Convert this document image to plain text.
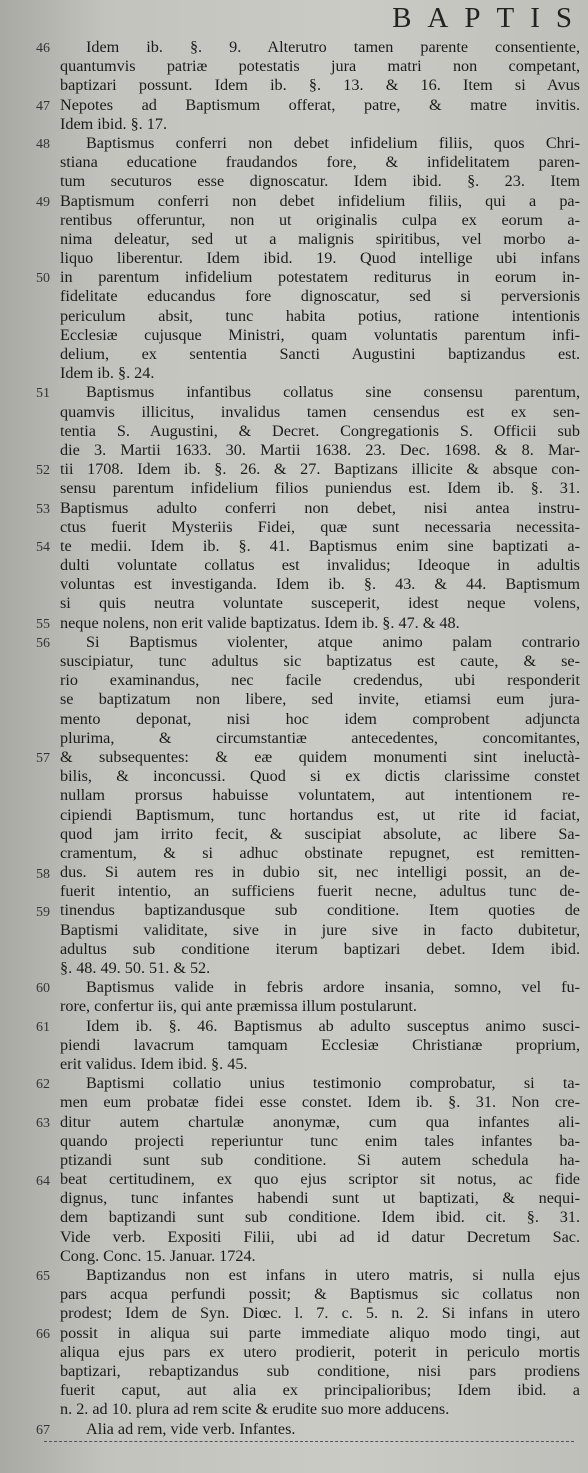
BAPTIS
46	Idem ib. §. 9. Alterutro tamen parente consentiente,
quantumvis patriæ potestatis jura matri non competant,
baptizari possunt. Idem ib. §. 13. & 16. Item si Avus
Nepotes ad Baptismum offerat, patre, & matre invitis.
Idem ibid. §. 17.
48	Baptismus conferri non debet infidelium filiis, quos Chri-
stiana educatione fraudandos fore, & infidelitatem paren-
tum secuturos esse dignoscatur. Idem ibid. §. 23. Item
Baptismum conferri non debet infidelium filiis, qui a pa-
rentibus offeruntur, non ut originalis culpa ex eorum a-
nima deleatur, sed ut a malignis spiritibus, vel morbo a-
liquo liberentur. Idem ibid. 19. Quod intellige ubi infans
in parentum infidelium potestatem rediturus in eorum in-
fidelitate educandus fore dignoscatur, sed si perversionis
periculum absit, tunc habita potius, ratione intentionis
Ecclesiæ cujusque Ministri, quam voluntatis parentum infi-
delium, ex sententia Sancti Augustini baptizandus est.
Idem ib. §. 24.
51	Baptismus infantibus collatus sine consensu parentum,
quamvis illicitus, invalidus tamen censendus est ex sen-
tentia S. Augustini, & Decret. Congregationis S. Officii sub
die 3. Martii 1633. 30. Martii 1638. 23. Dec. 1698. & 8. Mar-
tii 1708. Idem ib. §. 26. & 27. Baptizans illicite & absque con-
sensu parentum infidelium filios puniendus est. Idem ib. §. 31.
Baptismus adulto conferri non debet, nisi antea instru-
ctus fuerit Mysteriis Fidei, quæ sunt necessaria necessita-
te medii. Idem ib. §. 41. Baptismus enim sine baptizati a-
dulti voluntate collatus est invalidus; Ideoque in adultis
voluntas est investiganda. Idem ib. §. 43. & 44. Baptismum
si quis neutra voluntate susceperit, idest neque volens,
neque nolens, non erit valide baptizatus. Idem ib. §. 47. & 48.
56	Si Baptismus violenter, atque animo palam contrario
suscipiatur, tunc adultus sic baptizatus est caute, & se-
rio examinandus, nec facile credendus, ubi responderit
se baptizatum non libere, sed invite, etiamsi eum jura-
mento deponat, nisi hoc idem comprobent adjuncta
plurima, & circumstantiæ antecedentes, concomitantes,
& subsequentes: & eæ quidem monumenti sint ineluctà-
bilis, & inconcussi. Quod si ex dictis clarissime constet
nullam prorsus habuisse voluntatem, aut intentionem re-
cipiendi Baptismum, tunc hortandus est, ut rite id faciat,
quod jam irrito fecit, & suscipiat absolute, ac libere Sa-
cramentum, & si adhuc obstinate repugnet, est remitten-
dus. Si autem res in dubio sit, nec intelligi possit, an de-
fuerit intentio, an sufficiens fuerit necne, adultus tunc de-
tinendus baptizandusque sub conditione. Item quoties de
Baptismi validitate, sive in jure sive in facto dubitetur,
adultus sub conditione iterum baptizari debet. Idem ibid.
§. 48. 49. 50. 51. & 52.
60	Baptismus valide in febris ardore insania, somno, vel fu-
rore, confertur iis, qui ante præmissa illum postularunt.
61	Idem ib. §. 46. Baptismus ab adulto susceptus animo susci-
piendi lavacrum tamquam Ecclesiæ Christianæ proprium,
erit validus. Idem ibid. §. 45.
62	Baptismi collatio unius testimonio comprobatur, si ta-
men eum probatæ fidei esse constet. Idem ib. §. 31. Non cre-
ditur autem chartulæ anonymæ, cum qua infantes ali-
quando projecti reperiuntur tunc enim tales infantes ba-
ptizandi sunt sub conditione. Si autem schedula ha-
beat certitudinem, ex quo ejus scriptor sit notus, ac fide
dignus, tunc infantes habendi sunt ut baptizati, & nequi-
dem baptizandi sunt sub conditione. Idem ibid. cit. §. 31.
Vide verb. Expositi Filii, ubi ad id datur Decretum Sac.
Cong. Conc. 15. Januar. 1724.
65	Baptizandus non est infans in utero matris, si nulla ejus
pars acqua perfundi possit; & Baptismus sic collatus non
prodest; Idem de Syn. Diœc. l. 7. c. 5. n. 2. Si infans in utero
possit in aliqua sui parte immediate aliquo modo tingi, aut
aliqua ejus pars ex utero prodierit, poterit in periculo mortis
baptizari, rebaptizandus sub conditione, nisi pars prodiens
fuerit caput, aut alia ex principalioribus; Idem ibid. a
n. 2. ad 10. plura ad rem scite & erudite suo more adducens.
67	Alia ad rem, vide verb. Infantes.
47
49
50
52
53
54
55
57
58
59
63
64
66
